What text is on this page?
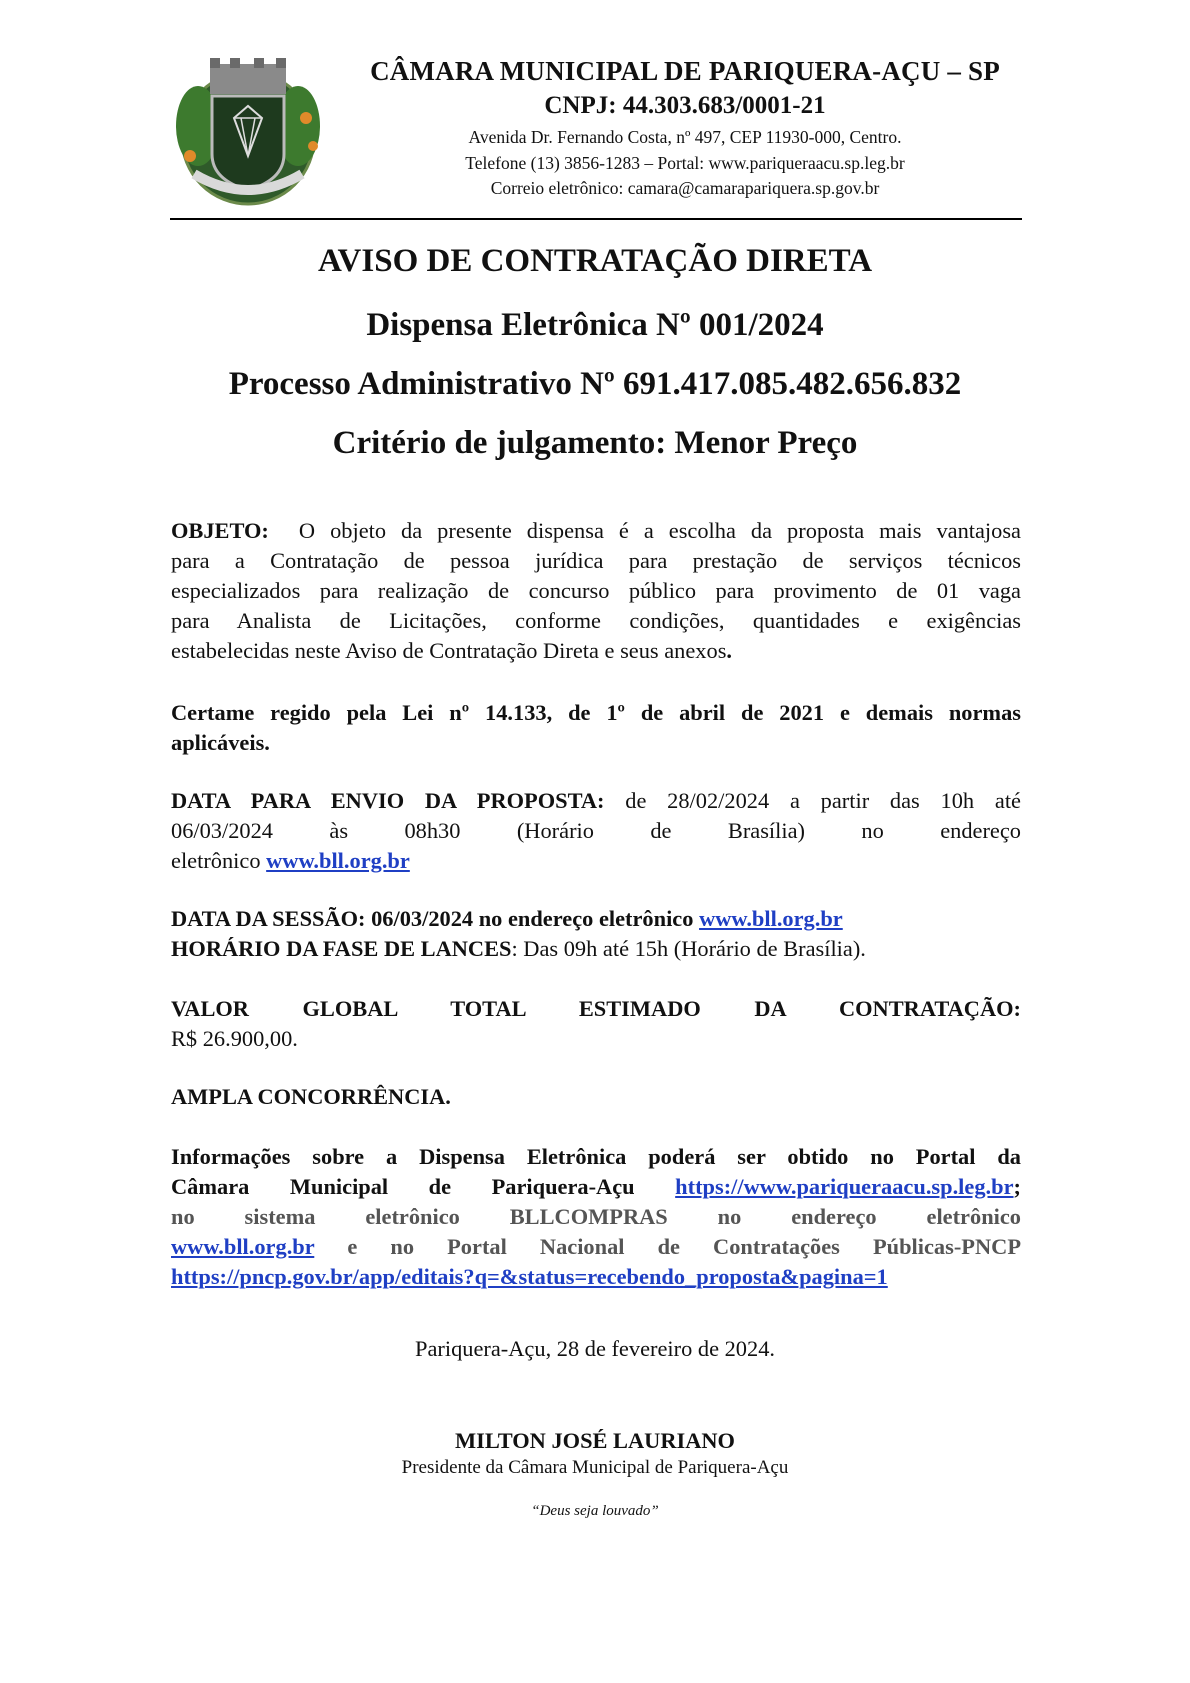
CÂMARA MUNICIPAL DE PARIQUERA-AÇU – SP
CNPJ: 44.303.683/0001-21
Avenida Dr. Fernando Costa, nº 497, CEP 11930-000, Centro.
Telefone (13) 3856-1283 – Portal: www.pariqueraacu.sp.leg.br
Correio eletrônico: camara@camarapariquera.sp.gov.br
AVISO DE CONTRATAÇÃO DIRETA
Dispensa Eletrônica Nº 001/2024
Processo Administrativo Nº 691.417.085.482.656.832
Critério de julgamento: Menor Preço
OBJETO: O objeto da presente dispensa é a escolha da proposta mais vantajosa
para a Contratação de pessoa jurídica para prestação de serviços técnicos
especializados para realização de concurso público para provimento de 01 vaga
para Analista de Licitações, conforme condições, quantidades e exigências
estabelecidas neste Aviso de Contratação Direta e seus anexos.
Certame regido pela Lei nº 14.133, de 1º de abril de 2021 e demais normas
aplicáveis.
DATA PARA ENVIO DA PROPOSTA: de 28/02/2024 a partir das 10h até
06/03/2024 às 08h30 (Horário de Brasília) no endereço
eletrônico www.bll.org.br
DATA DA SESSÃO: 06/03/2024 no endereço eletrônico www.bll.org.br
HORÁRIO DA FASE DE LANCES: Das 09h até 15h (Horário de Brasília).
VALOR GLOBAL TOTAL ESTIMADO DA CONTRATAÇÃO:
R$ 26.900,00.
AMPLA CONCORRÊNCIA.
Informações sobre a Dispensa Eletrônica poderá ser obtido no Portal da
Câmara Municipal de Pariquera-Açu https://www.pariqueraacu.sp.leg.br;
no sistema eletrônico BLLCOMPRAS no endereço eletrônico
www.bll.org.br e no Portal Nacional de Contratações Públicas-PNCP
https://pncp.gov.br/app/editais?q=&status=recebendo_proposta&pagina=1
Pariquera-Açu, 28 de fevereiro de 2024.
MILTON JOSÉ LAURIANO
Presidente da Câmara Municipal de Pariquera-Açu
“Deus seja louvado”
